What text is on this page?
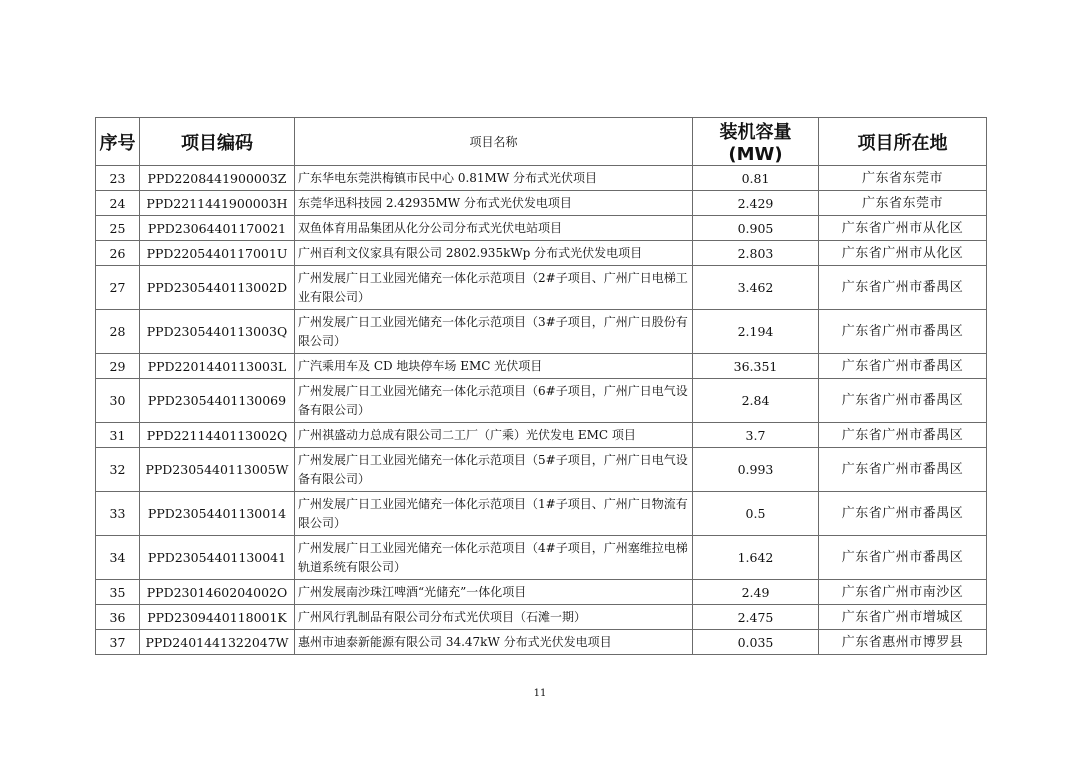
序号	项目编码	项目名称	装机容量(MW)	项目所在地
23	PPD2208441900003Z	广东华电东莞洪梅镇市民中心 0.81MW 分布式光伏项目	0.81	广东省东莞市
24	PPD2211441900003H	东莞华迅科技园 2.42935MW 分布式光伏发电项目	2.429	广东省东莞市
25	PPD23064401170021	双鱼体育用品集团从化分公司分布式光伏电站项目	0.905	广东省广州市从化区
26	PPD2205440117001U	广州百利文仪家具有限公司 2802.935kWp 分布式光伏发电项目	2.803	广东省广州市从化区
27	PPD2305440113002D	广州发展广日工业园光储充一体化示范项目（2#子项目、广州广日电梯工业有限公司）	3.462	广东省广州市番禺区
28	PPD2305440113003Q	广州发展广日工业园光储充一体化示范项目（3#子项目，广州广日股份有限公司）	2.194	广东省广州市番禺区
29	PPD2201440113003L	广汽乘用车及 CD 地块停车场 EMC 光伏项目	36.351	广东省广州市番禺区
30	PPD23054401130069	广州发展广日工业园光储充一体化示范项目（6#子项目，广州广日电气设备有限公司）	2.84	广东省广州市番禺区
31	PPD2211440113002Q	广州祺盛动力总成有限公司二工厂（广乘）光伏发电 EMC 项目	3.7	广东省广州市番禺区
32	PPD2305440113005W	广州发展广日工业园光储充一体化示范项目（5#子项目，广州广日电气设备有限公司）	0.993	广东省广州市番禺区
33	PPD23054401130014	广州发展广日工业园光储充一体化示范项目（1#子项目、广州广日物流有限公司）	0.5	广东省广州市番禺区
34	PPD23054401130041	广州发展广日工业园光储充一体化示范项目（4#子项目，广州塞维拉电梯轨道系统有限公司）	1.642	广东省广州市番禺区
35	PPD2301460204002O	广州发展南沙珠江啤酒“光储充”一体化项目	2.49	广东省广州市南沙区
36	PPD2309440118001K	广州风行乳制品有限公司分布式光伏项目（石滩一期）	2.475	广东省广州市增城区
37	PPD2401441322047W	惠州市迪泰新能源有限公司 34.47kW 分布式光伏发电项目	0.035	广东省惠州市博罗县
11
